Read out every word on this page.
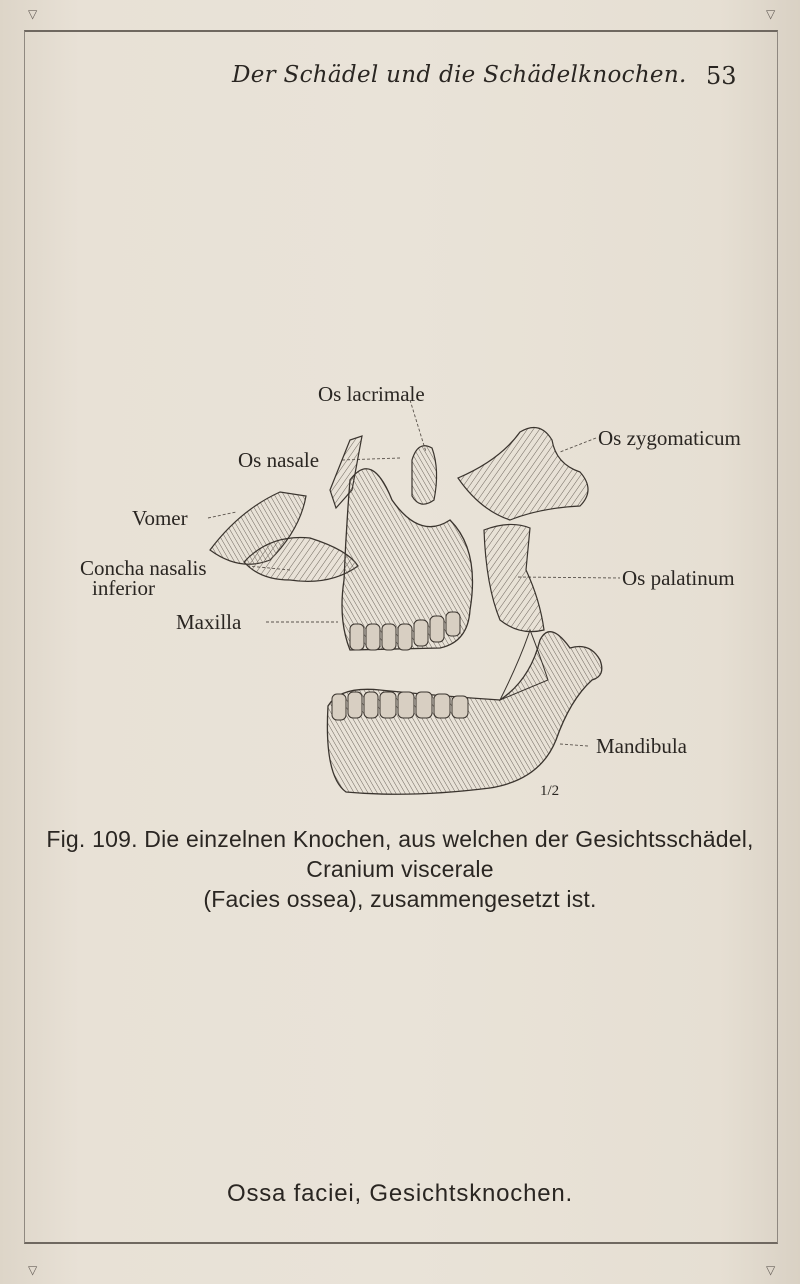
▽	▽
▽	▽
Der Schädel und die Schädelknochen. 53
Os lacrimale
Os zygomaticum
Os nasale
Vomer
Concha nasalis
inferior
Maxilla
Os palatinum
Mandibula
1/2
Fig. 109. Die einzelnen Knochen, aus welchen der Gesichtsschädel, Cranium viscerale
(Facies ossea), zusammengesetzt ist.
Ossa faciei, Gesichtsknochen.
